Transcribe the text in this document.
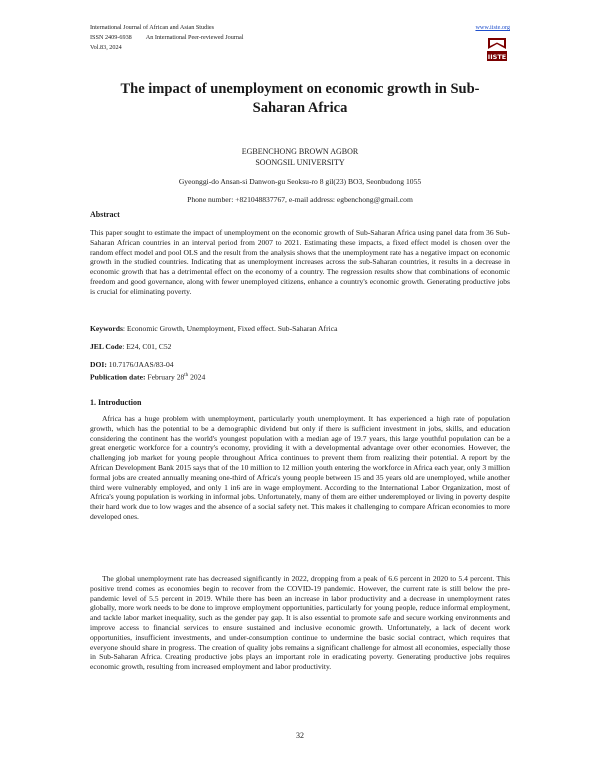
International Journal of African and Asian Studies
ISSN 2409-6938 An International Peer-reviewed Journal
Vol.83, 2024
www.iiste.org
IISTE
The impact of unemployment on economic growth in Sub-Saharan Africa
EGBENCHONG BROWN AGBOR
SOONGSIL UNIVERSITY
Gyeonggi-do Ansan-si Danwon-gu Seoksu-ro 8 gil(23) BO3, Seonbudong 1055
Phone number: +821048837767, e-mail address: egbenchong@gmail.com
Abstract
This paper sought to estimate the impact of unemployment on the economic growth of Sub-Saharan Africa using panel data from 36 Sub-Saharan African countries in an interval period from 2007 to 2021. Estimating these impacts, a fixed effect model is chosen over the random effect model and pool OLS and the result from the analysis shows that the unemployment rate has a negative impact on economic growth in the studied countries. Indicating that as unemployment increases across the sub-Saharan countries, it results in a decrease in economic growth that has a detrimental effect on the economy of a country. The regression results show that combinations of economic freedom and good governance, along with fewer unemployed citizens, enhance a country's economic growth. Generating productive jobs is crucial for eliminating poverty.
Keywords: Economic Growth, Unemployment, Fixed effect. Sub-Saharan Africa
JEL Code: E24, C01, C52
DOI: 10.7176/JAAS/83-04
Publication date: February 28th 2024
1. Introduction
Africa has a huge problem with unemployment, particularly youth unemployment. It has experienced a high rate of population growth, which has the potential to be a demographic dividend but only if there is sufficient investment in jobs, skills, and education considering the continent has the world's youngest population with a median age of 19.7 years, this large youthful population can be a great energetic workforce for a country's economy, providing it with a developmental advantage over other economies. However, the challenging job market for young people throughout Africa continues to prevent them from realizing their potential. A report by the African Development Bank 2015 says that of the 10 million to 12 million youth entering the workforce in Africa each year, only 3 million formal jobs are created annually meaning one-third of Africa's young people between 15 and 35 years old are unemployed, while another third were vulnerably employed, and only 1 in6 are in wage employment. According to the International Labor Organization, most of Africa's young population is working in informal jobs. Unfortunately, many of them are either underemployed or living in poverty despite their hard work due to low wages and the absence of a social safety net. This makes it challenging to compare African economies to more developed ones.
The global unemployment rate has decreased significantly in 2022, dropping from a peak of 6.6 percent in 2020 to 5.4 percent. This positive trend comes as economies begin to recover from the COVID-19 pandemic. However, the current rate is still below the pre-pandemic level of 5.5 percent in 2019. While there has been an increase in labor productivity and a decrease in unemployment rates globally, more work needs to be done to improve employment opportunities, particularly for young people, reduce informal employment, and tackle labor market inequality, such as the gender pay gap. It is also essential to promote safe and secure working environments and improve access to financial services to ensure sustained and inclusive economic growth. Unfortunately, a lack of decent work opportunities, insufficient investments, and under-consumption continue to undermine the basic social contract, which requires that everyone should share in progress. The creation of quality jobs remains a significant challenge for almost all economies, especially those in Sub-Saharan Africa. Creating productive jobs plays an important role in eradicating poverty. Generating productive jobs requires economic growth, resulting from increased employment and labor productivity.
32
